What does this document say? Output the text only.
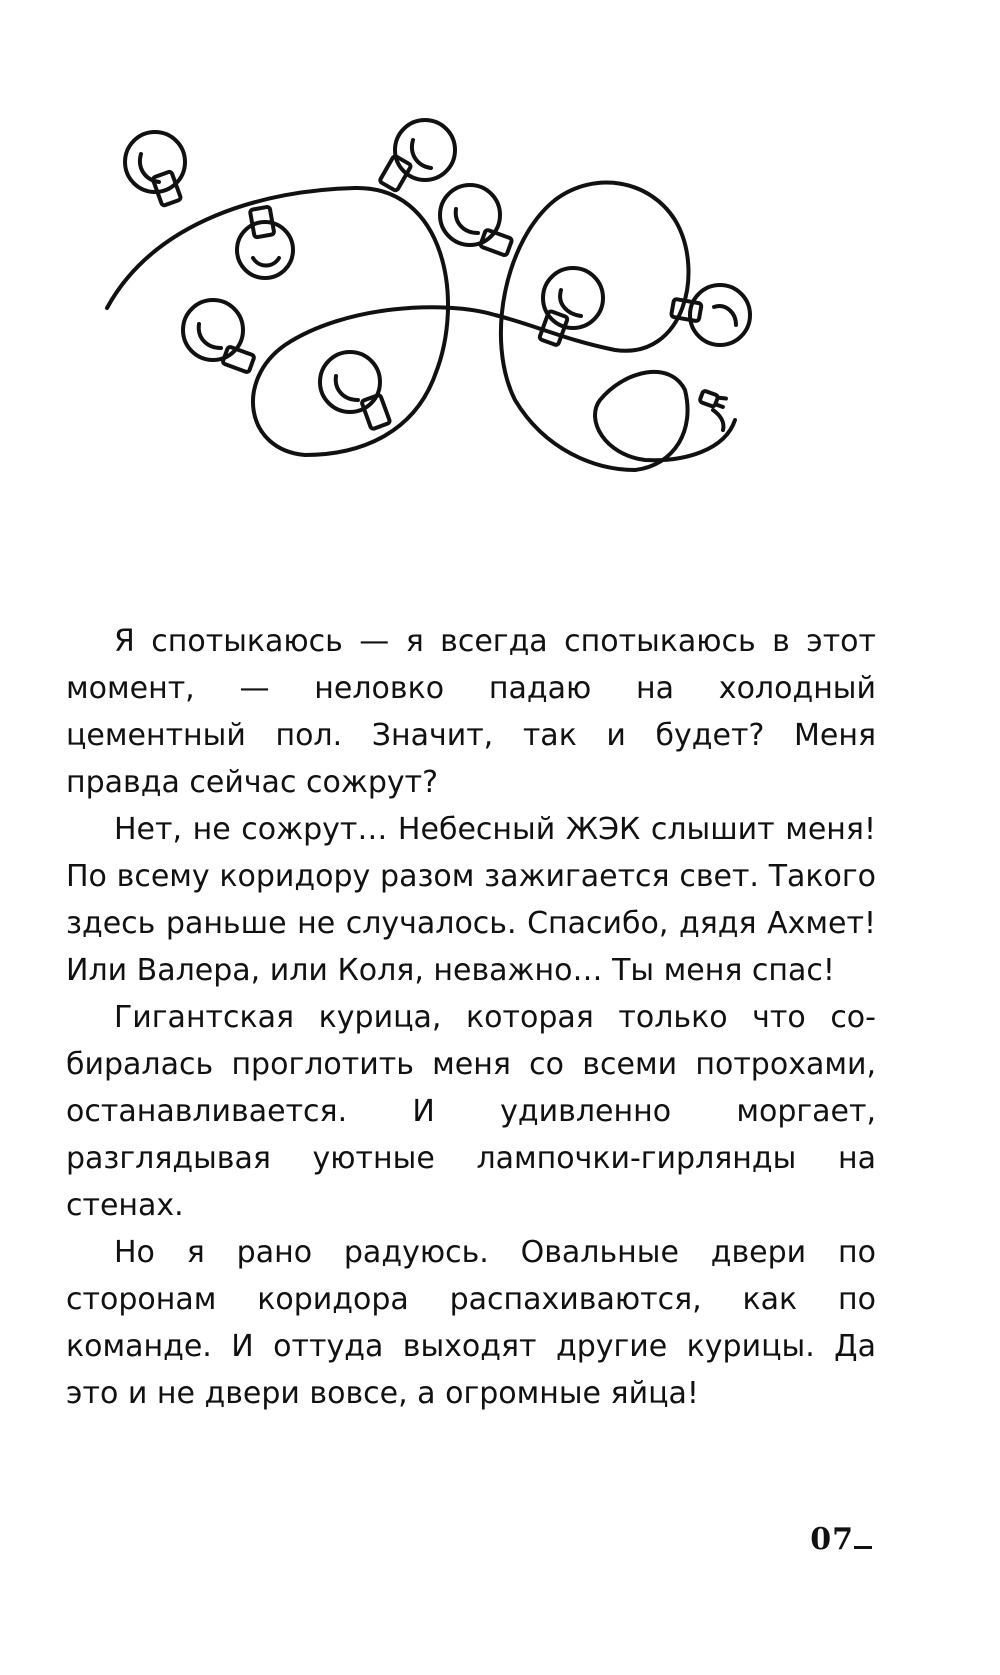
Я спотыкаюсь — я всегда спотыкаюсь в этот момент, — неловко падаю на холодный цементный пол. Значит, так и будет? Меня правда сейчас сожрут?

Нет, не сожрут… Небесный ЖЭК слышит меня! По всему коридору разом зажигается свет. Такого здесь раньше не случалось. Спасибо, дядя Ахмет! Или Валера, или Коля, неважно… Ты меня спас!

Гигантская курица, которая только что собиралась проглотить меня со всеми потрохами, останавливается. И удивленно моргает, разглядывая уютные лампочки-гирлянды на стенах.

Но я рано радуюсь. Овальные двери по сторонам коридора распахиваются, как по команде. И оттуда выходят другие курицы. Да это и не двери вовсе, а огромные яйца!

07
